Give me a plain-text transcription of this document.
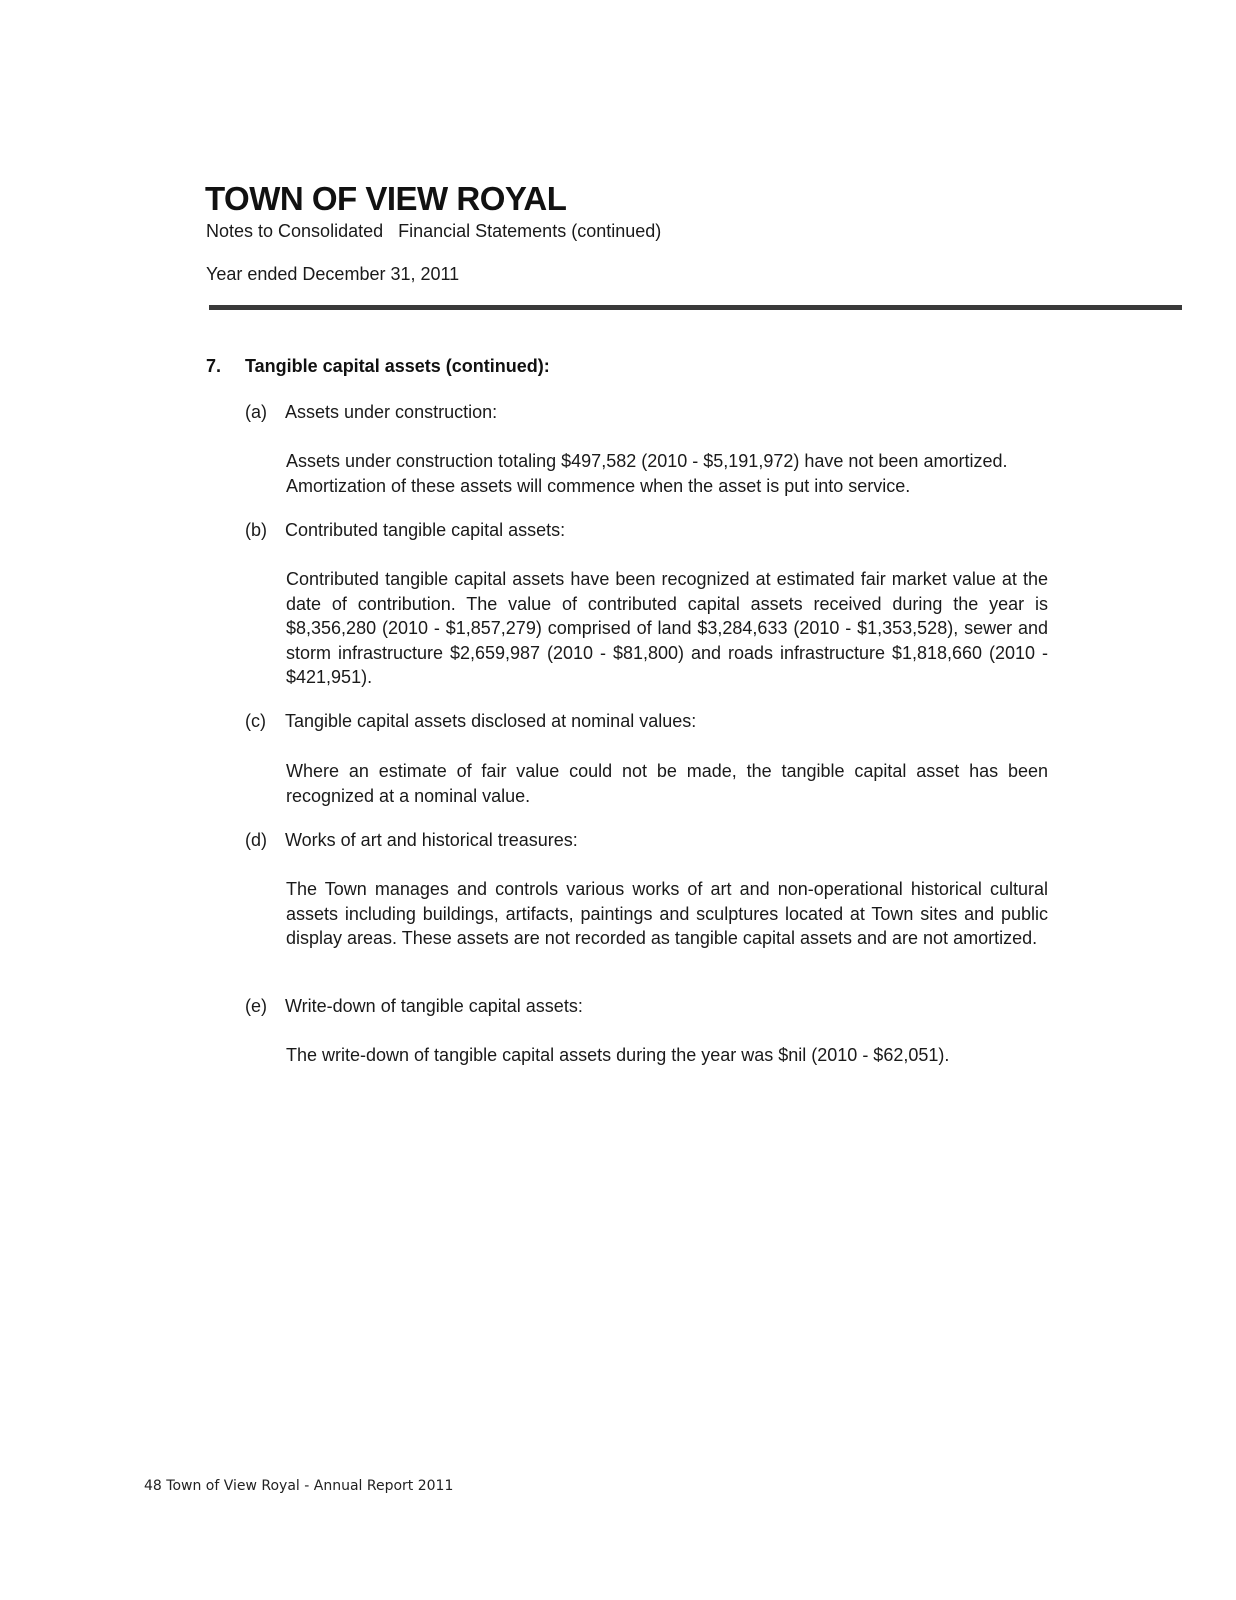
TOWN OF VIEW ROYAL
Notes to Consolidated   Financial Statements (continued)
Year ended December 31, 2011
7. Tangible capital assets (continued):
(a) Assets under construction:
Assets under construction totaling $497,582 (2010 - $5,191,972) have not been amortized. Amortization of these assets will commence when the asset is put into service.
(b) Contributed tangible capital assets:
Contributed tangible capital assets have been recognized at estimated fair market value at the date of contribution. The value of contributed capital assets received during the year is $8,356,280 (2010 - $1,857,279) comprised of land $3,284,633 (2010 - $1,353,528), sewer and storm infrastructure $2,659,987 (2010 - $81,800) and roads infrastructure $1,818,660 (2010 - $421,951).
(c) Tangible capital assets disclosed at nominal values:
Where an estimate of fair value could not be made, the tangible capital asset has been recognized at a nominal value.
(d) Works of art and historical treasures:
The Town manages and controls various works of art and non-operational historical cultural assets including buildings, artifacts, paintings and sculptures located at Town sites and public display areas. These assets are not recorded as tangible capital assets and are not amortized.
(e) Write-down of tangible capital assets:
The write-down of tangible capital assets during the year was $nil (2010 - $62,051).
48 Town of View Royal - Annual Report 2011
